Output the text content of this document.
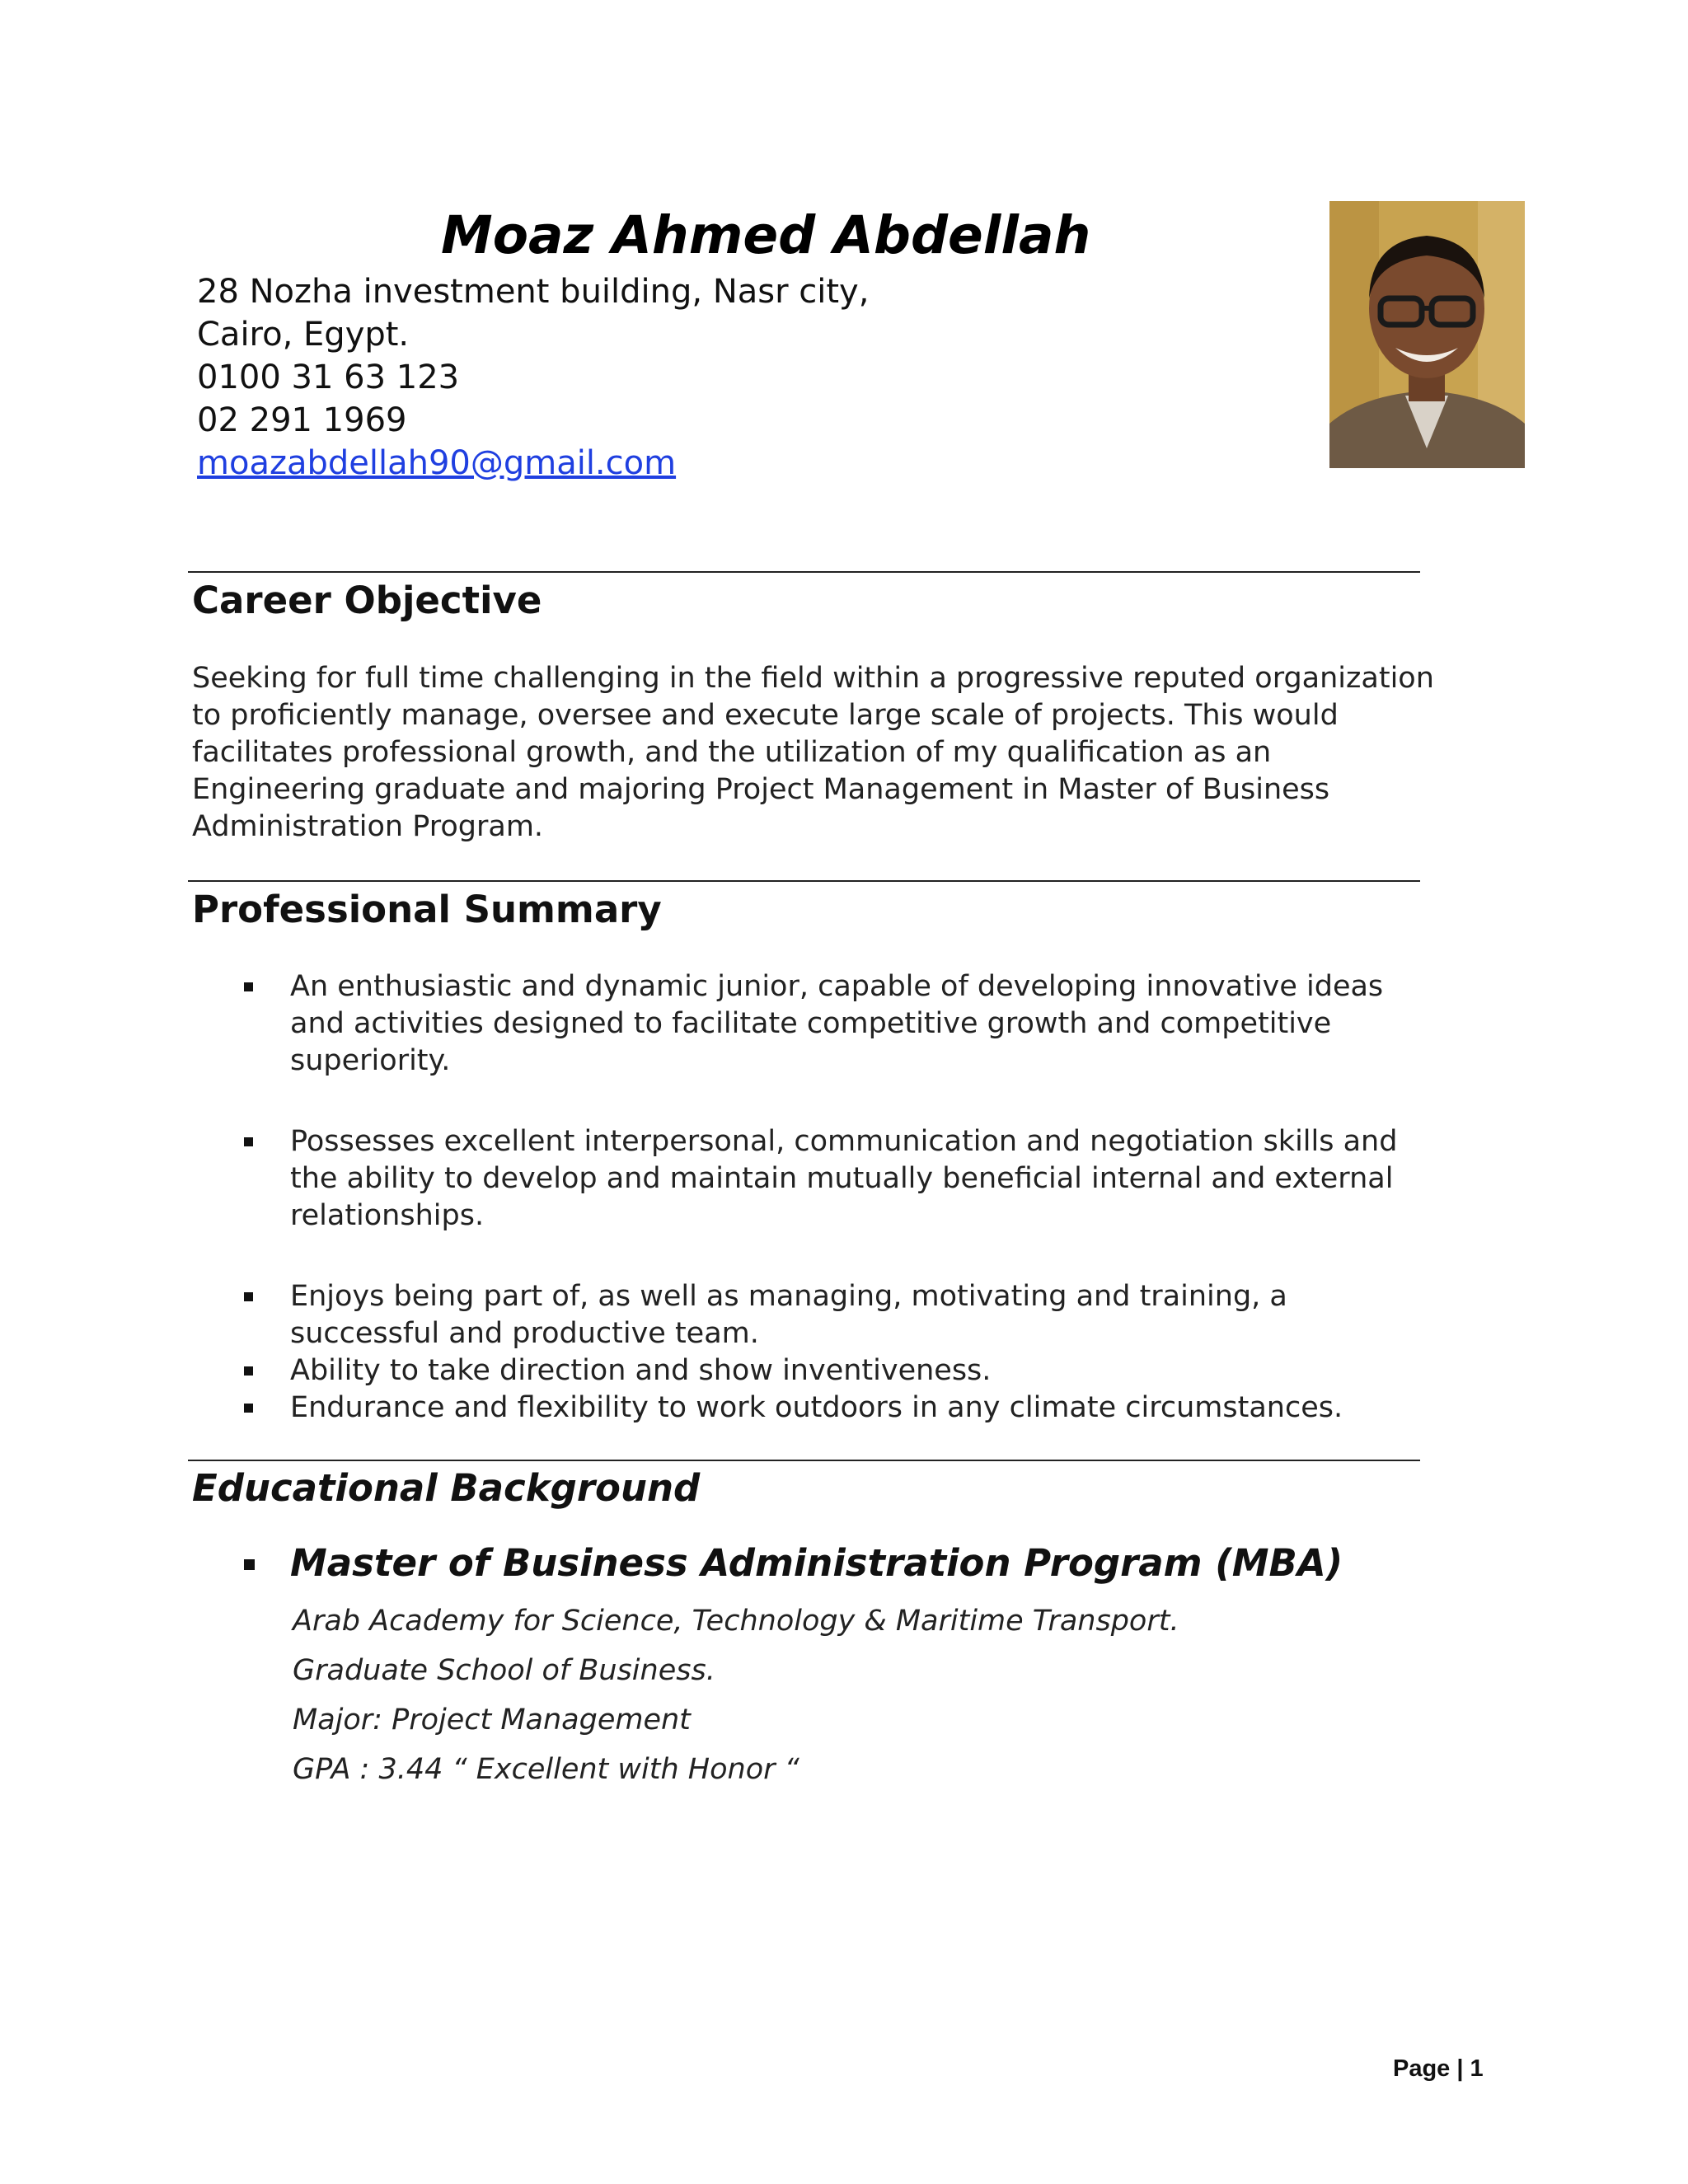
Moaz Ahmed Abdellah
28 Nozha investment building, Nasr city,
Cairo, Egypt.
0100 31 63 123
02 291 1969
moazabdellah90@gmail.com
Career Objective
Seeking for full time challenging in the field within a progressive reputed organization
to proficiently manage, oversee and execute large scale of projects. This would
facilitates professional growth, and the utilization of my qualification as an
Engineering graduate and majoring Project Management in Master of Business
Administration Program.
Professional Summary
An enthusiastic and dynamic junior, capable of developing innovative ideas
and activities designed to facilitate competitive growth and competitive
superiority.
Possesses excellent interpersonal, communication and negotiation skills and
the ability to develop and maintain mutually beneficial internal and external
relationships.
Enjoys being part of, as well as managing, motivating and training, a
successful and productive team.
Ability to take direction and show inventiveness.
Endurance and flexibility to work outdoors in any climate circumstances.
Educational Background
Master of Business Administration Program (MBA)
Arab Academy for Science, Technology & Maritime Transport.
Graduate School of Business.
Major: Project Management
GPA : 3.44 “ Excellent with Honor “
Page | 1
